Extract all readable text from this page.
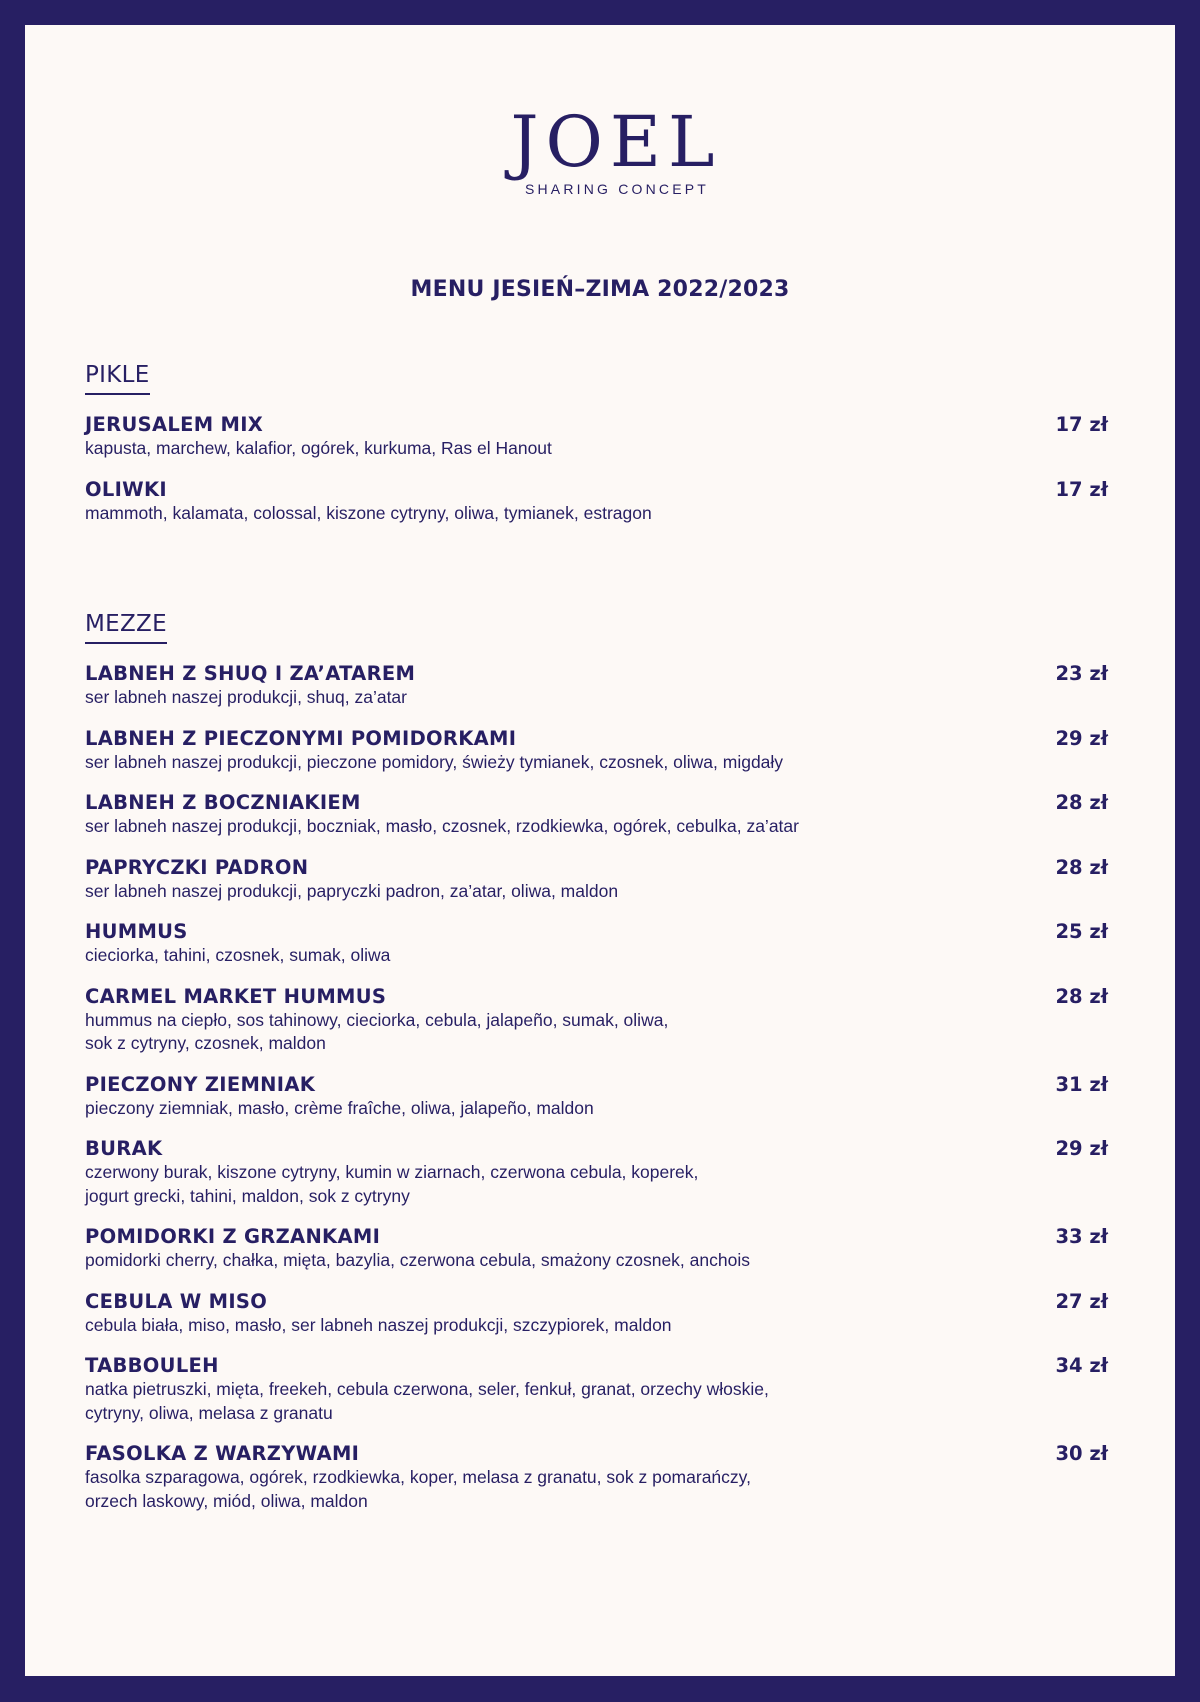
JOEL
SHARING CONCEPT
MENU JESIEŃ–ZIMA 2022/2023
PIKLE
JERUSALEM MIX
kapusta, marchew, kalafior, ogórek, kurkuma, Ras el Hanout
17 zł
OLIWKI
mammoth, kalamata, colossal, kiszone cytryny, oliwa, tymianek, estragon
17 zł
MEZZE
LABNEH Z SHUQ I ZA’ATAREM
ser labneh naszej produkcji, shuq, za’atar
23 zł
LABNEH Z PIECZONYMI POMIDORKAMI
ser labneh naszej produkcji, pieczone pomidory, świeży tymianek, czosnek, oliwa, migdały
29 zł
LABNEH Z BOCZNIAKIEM
ser labneh naszej produkcji, boczniak, masło, czosnek, rzodkiewka, ogórek, cebulka, za’atar
28 zł
PAPRYCZKI PADRON
ser labneh naszej produkcji, papryczki padron, za’atar, oliwa, maldon
28 zł
HUMMUS
cieciorka, tahini, czosnek, sumak, oliwa
25 zł
CARMEL MARKET HUMMUS
hummus na ciepło, sos tahinowy, cieciorka, cebula, jalapeño, sumak, oliwa,
sok z cytryny, czosnek, maldon
28 zł
PIECZONY ZIEMNIAK
pieczony ziemniak, masło, crème fraîche, oliwa, jalapeño, maldon
31 zł
BURAK
czerwony burak, kiszone cytryny, kumin w ziarnach, czerwona cebula, koperek,
jogurt grecki, tahini, maldon, sok z cytryny
29 zł
POMIDORKI Z GRZANKAMI
pomidorki cherry, chałka, mięta, bazylia, czerwona cebula, smażony czosnek, anchois
33 zł
CEBULA W MISO
cebula biała, miso, masło, ser labneh naszej produkcji, szczypiorek, maldon
27 zł
TABBOULEH
natka pietruszki, mięta, freekeh, cebula czerwona, seler, fenkuł, granat, orzechy włoskie,
cytryny, oliwa, melasa z granatu
34 zł
FASOLKA Z WARZYWAMI
fasolka szparagowa, ogórek, rzodkiewka, koper, melasa z granatu, sok z pomarańczy,
orzech laskowy, miód, oliwa, maldon
30 zł
